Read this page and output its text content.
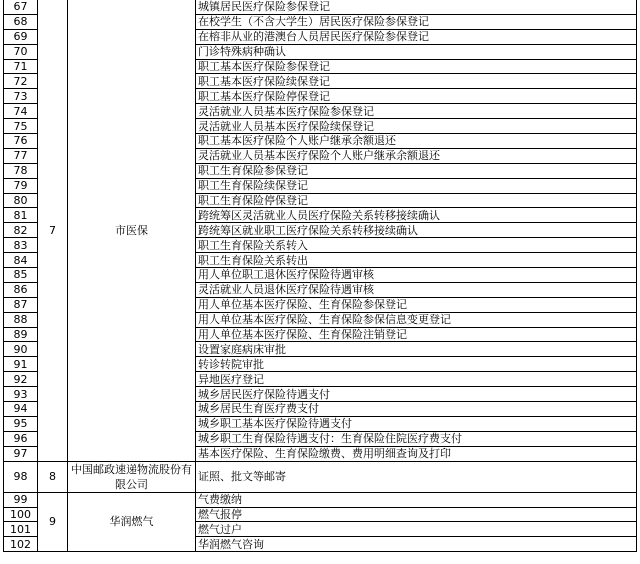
67	7	市医保	城镇居民医疗保险参保登记
68			在校学生（不含大学生）居民医疗保险参保登记
69			在榕非从业的港澳台人员居民医疗保险参保登记
70			门诊特殊病种确认
71			职工基本医疗保险参保登记
72			职工基本医疗保险续保登记
73			职工基本医疗保险停保登记
74			灵活就业人员基本医疗保险参保登记
75			灵活就业人员基本医疗保险续保登记
76			职工基本医疗保险个人账户继承余额退还
77			灵活就业人员基本医疗保险个人账户继承余额退还
78			职工生育保险参保登记
79			职工生育保险续保登记
80			职工生育保险停保登记
81			跨统筹区灵活就业人员医疗保险关系转移接续确认
82			跨统筹区就业职工医疗保险关系转移接续确认
83			职工生育保险关系转入
84			职工生育保险关系转出
85			用人单位职工退休医疗保险待遇审核
86			灵活就业人员退休医疗保险待遇审核
87			用人单位基本医疗保险、生育保险参保登记
88			用人单位基本医疗保险、生育保险参保信息变更登记
89			用人单位基本医疗保险、生育保险注销登记
90			设置家庭病床审批
91			转诊转院审批
92			异地医疗登记
93			城乡居民医疗保险待遇支付
94			城乡居民生育医疗费支付
95			城乡职工基本医疗保险待遇支付
96			城乡职工生育保险待遇支付：生育保险住院医疗费支付
97			基本医疗保险、生育保险缴费、费用明细查询及打印
98	8	中国邮政速递物流股份有限公司	证照、批文等邮寄
99	9	华润燃气	气费缴纳
100			燃气报停
101			燃气过户
102			华润燃气咨询
